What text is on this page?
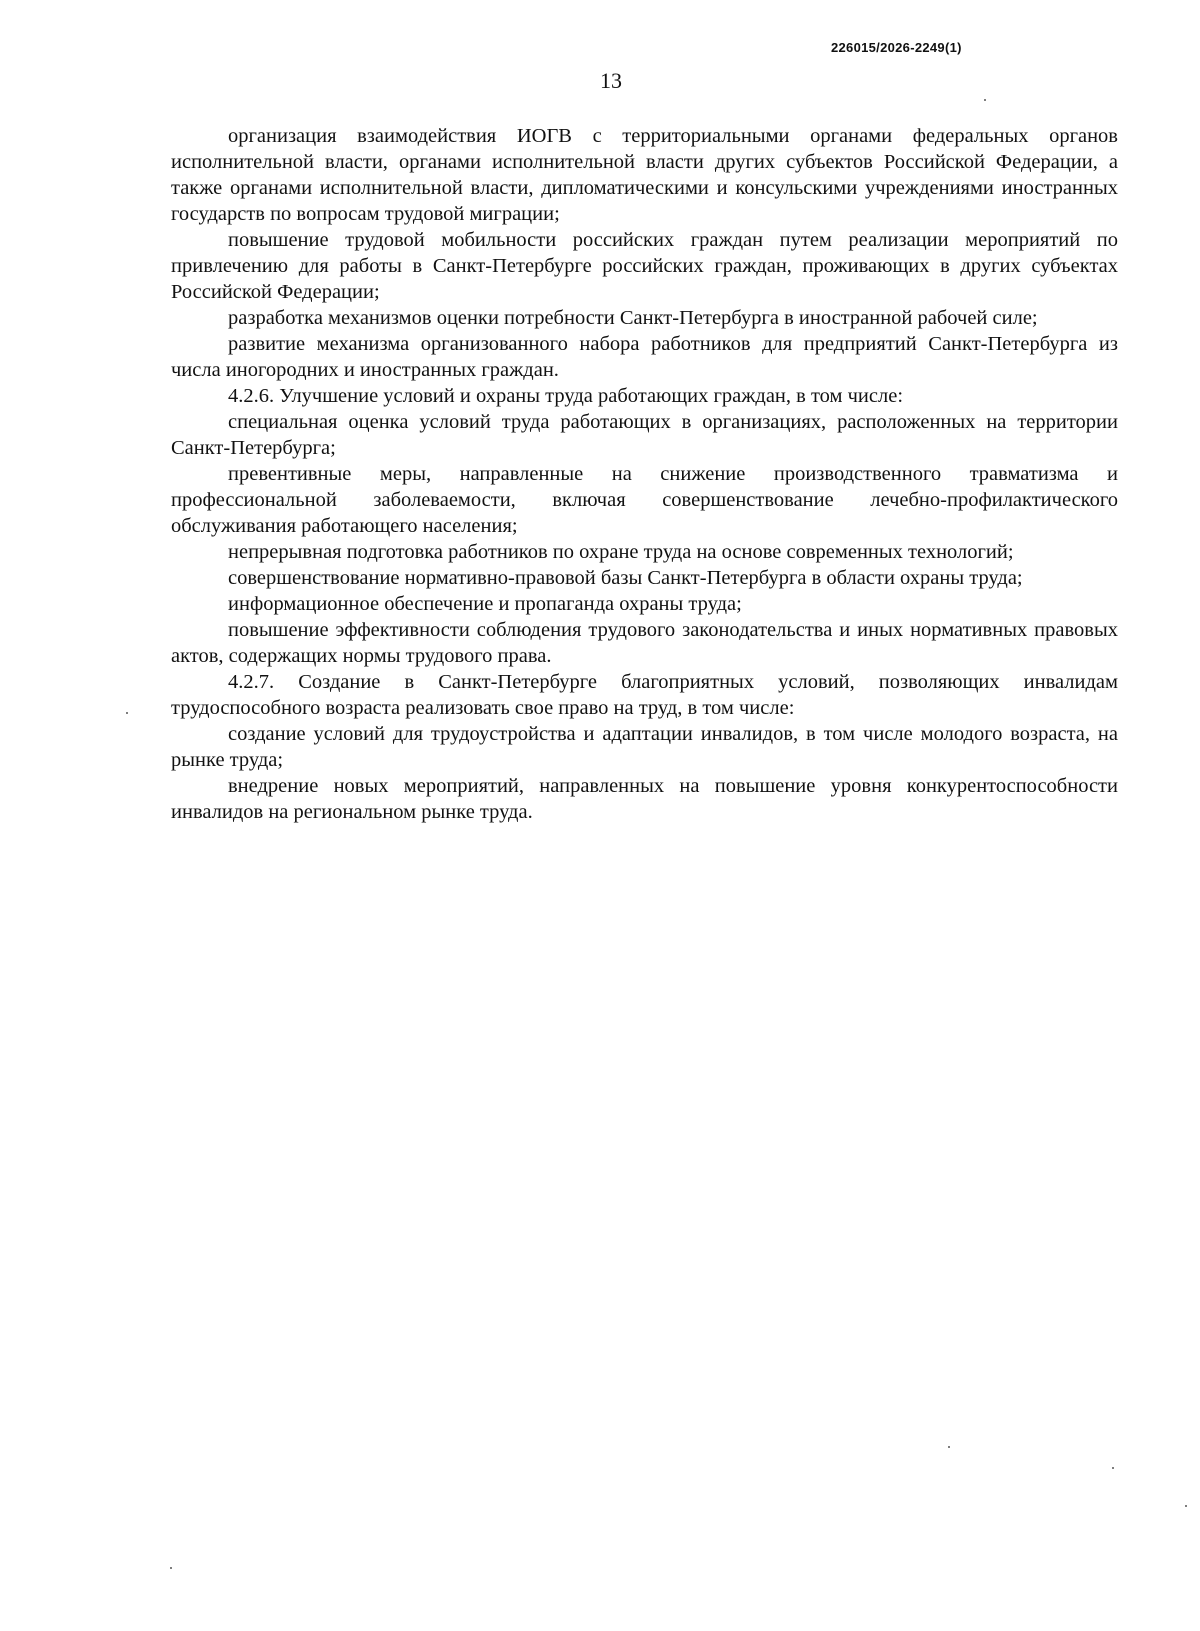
226015/2026-2249(1)
13

организация взаимодействия ИОГВ с территориальными органами федеральных органов исполнительной власти, органами исполнительной власти других субъектов Российской Федерации, а также органами исполнительной власти, дипломатическими и консульскими учреждениями иностранных государств по вопросам трудовой миграции;

повышение трудовой мобильности российских граждан путем реализации мероприятий по привлечению для работы в Санкт-Петербурге российских граждан, проживающих в других субъектах Российской Федерации;

разработка механизмов оценки потребности Санкт-Петербурга в иностранной рабочей силе;

развитие механизма организованного набора работников для предприятий Санкт-Петербурга из числа иногородних и иностранных граждан.

4.2.6. Улучшение условий и охраны труда работающих граждан, в том числе:

специальная оценка условий труда работающих в организациях, расположенных на территории Санкт-Петербурга;

превентивные меры, направленные на снижение производственного травматизма и профессиональной заболеваемости, включая совершенствование лечебно-профилактического обслуживания работающего населения;

непрерывная подготовка работников по охране труда на основе современных технологий;

совершенствование нормативно-правовой базы Санкт-Петербурга в области охраны труда;

информационное обеспечение и пропаганда охраны труда;

повышение эффективности соблюдения трудового законодательства и иных нормативных правовых актов, содержащих нормы трудового права.

4.2.7. Создание в Санкт-Петербурге благоприятных условий, позволяющих инвалидам трудоспособного возраста реализовать свое право на труд, в том числе:

создание условий для трудоустройства и адаптации инвалидов, в том числе молодого возраста, на рынке труда;

внедрение новых мероприятий, направленных на повышение уровня конкурентоспособности инвалидов на региональном рынке труда.
